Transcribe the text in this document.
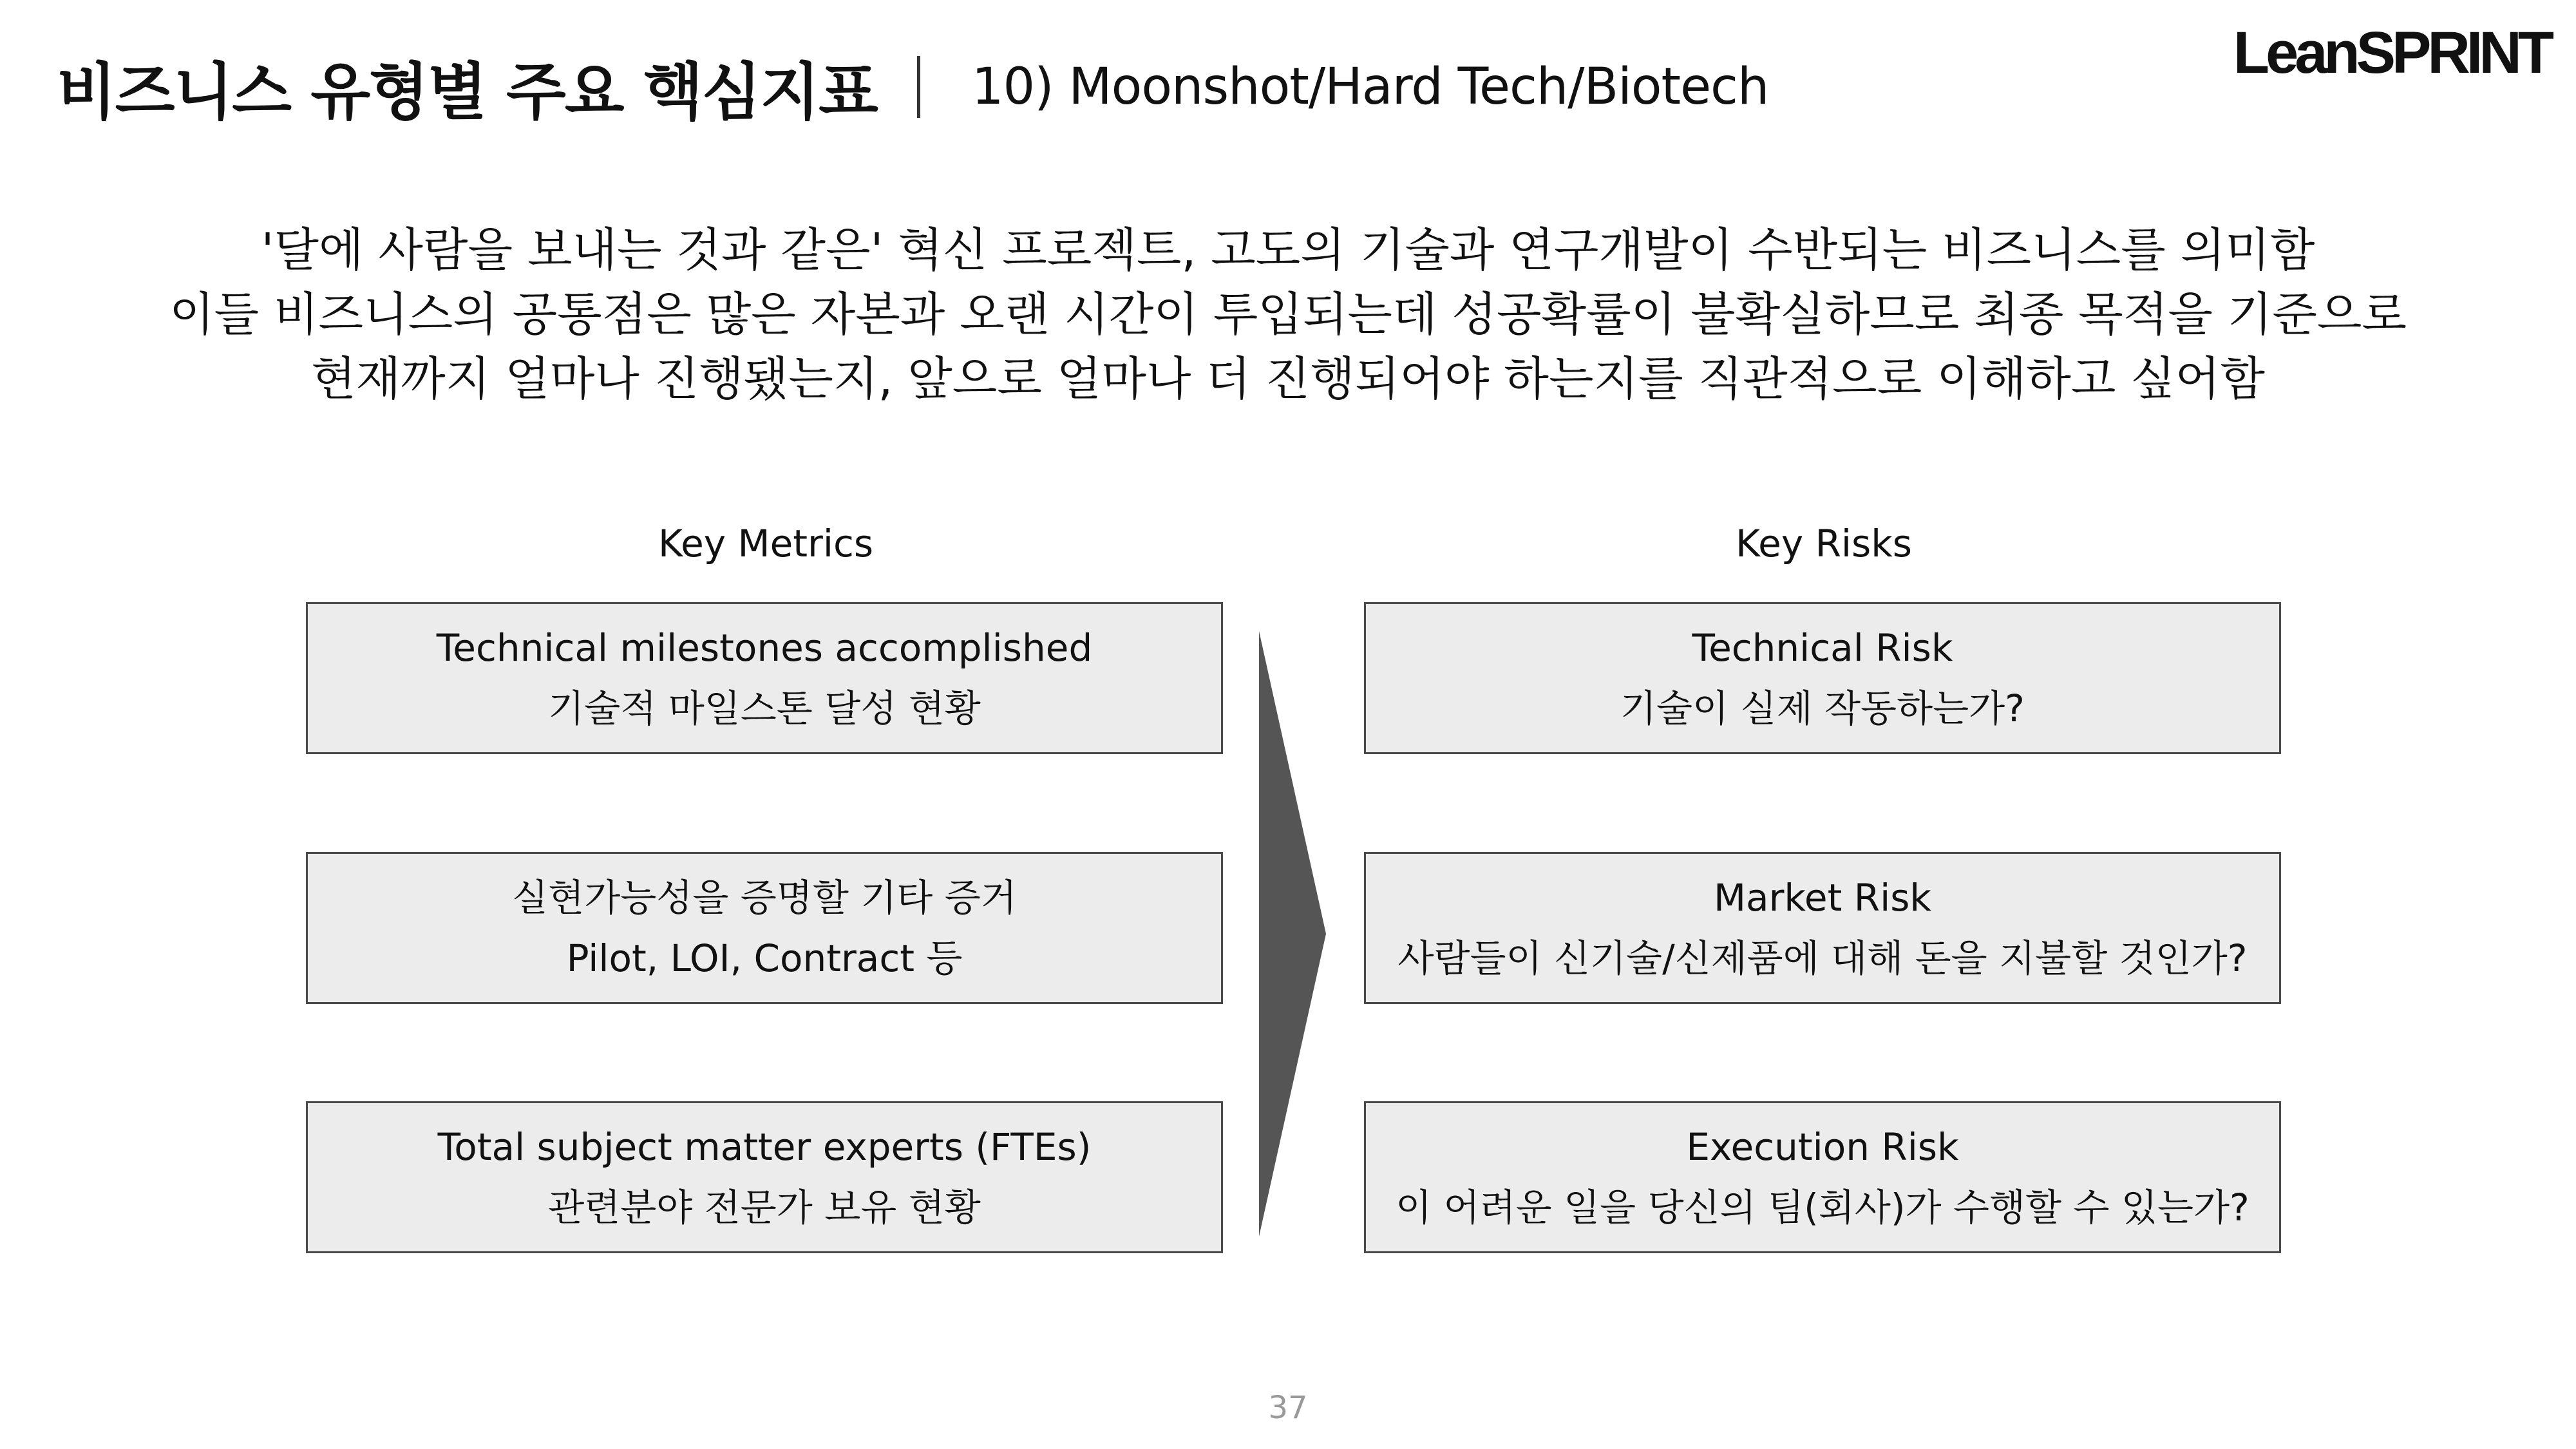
비즈니스 유형별 주요 핵심지표 10) Moonshot/Hard Tech/Biotech
LeanSPRINT

'달에 사람을 보내는 것과 같은' 혁신 프로젝트, 고도의 기술과 연구개발이 수반되는 비즈니스를 의미함

이들 비즈니스의 공통점은 많은 자본과 오랜 시간이 투입되는데 성공확률이 불확실하므로 최종 목적을 기준으로

현재까지 얼마나 진행됐는지, 앞으로 얼마나 더 진행되어야 하는지를 직관적으로 이해하고 싶어함

Key Metrics	Key Risks
Technical milestones accomplished
기술적 마일스톤 달성 현황
실현가능성을 증명할 기타 증거
Pilot, LOI, Contract 등
Total subject matter experts (FTEs)
관련분야 전문가 보유 현황
Technical Risk
기술이 실제 작동하는가?
Market Risk
사람들이 신기술/신제품에 대해 돈을 지불할 것인가?
Execution Risk
이 어려운 일을 당신의 팀(회사)가 수행할 수 있는가?
37
